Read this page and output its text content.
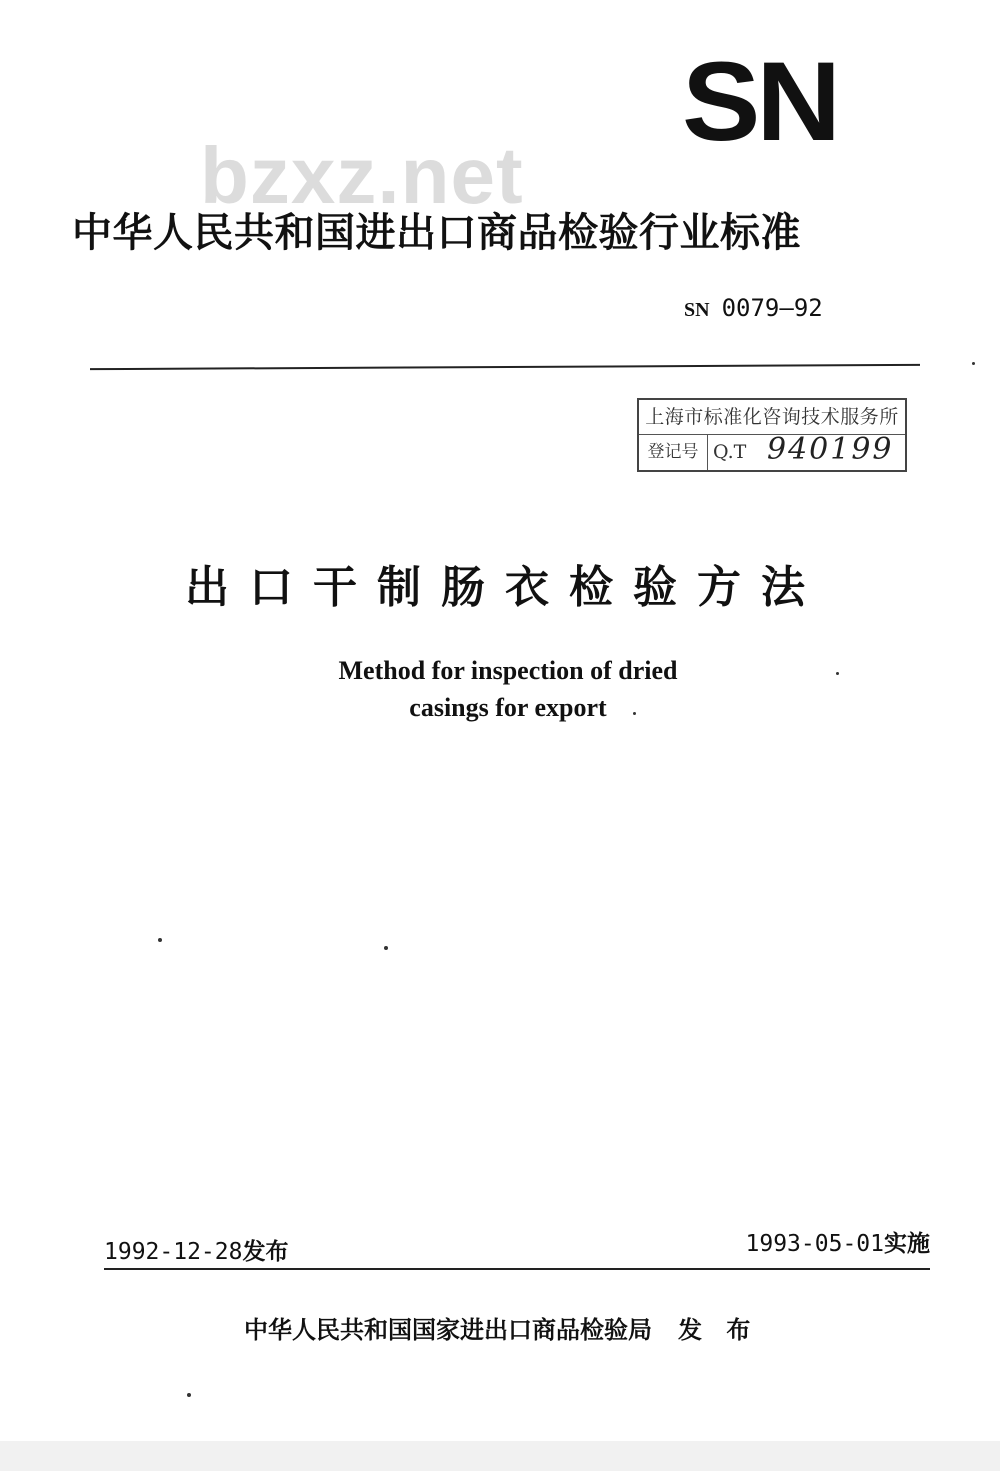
SN
bzxz.net
中华人民共和国进出口商品检验行业标准
SN 0079—92
上海市标准化咨询技术服务所
登记号 Q.T 940199
出口干制肠衣检验方法
Method for inspection of dried
casings for export
1992-12-28发布	1993-05-01实施
中华人民共和国国家进出口商品检验局 发 布
